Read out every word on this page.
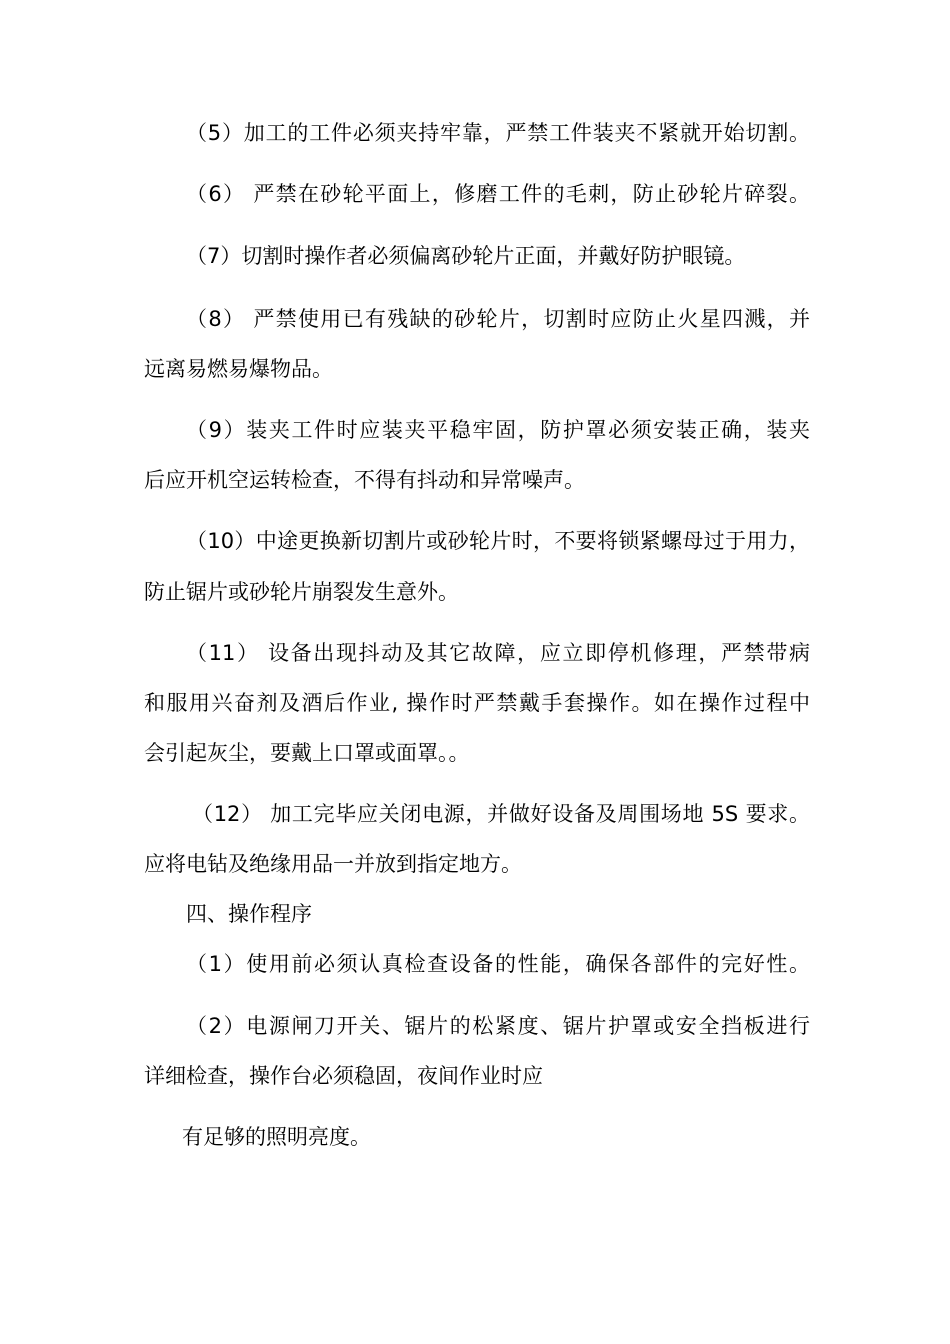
（5）加工的工件必须夹持牢靠，严禁工件装夹不紧就开始切割。
（6） 严禁在砂轮平面上，修磨工件的毛刺，防止砂轮片碎裂。
（7）切割时操作者必须偏离砂轮片正面，并戴好防护眼镜。
（8） 严禁使用已有残缺的砂轮片，切割时应防止火星四溅，并
远离易燃易爆物品。
（9）装夹工件时应装夹平稳牢固，防护罩必须安装正确，装夹
后应开机空运转检查，不得有抖动和异常噪声。
（10）中途更换新切割片或砂轮片时，不要将锁紧螺母过于用力，
防止锯片或砂轮片崩裂发生意外。
（11） 设备出现抖动及其它故障，应立即停机修理，严禁带病
和服用兴奋剂及酒后作业, 操作时严禁戴手套操作。如在操作过程中
会引起灰尘，要戴上口罩或面罩。。
（12） 加工完毕应关闭电源，并做好设备及周围场地 5S 要求。
应将电钻及绝缘用品一并放到指定地方。
四、操作程序
（1）使用前必须认真检查设备的性能，确保各部件的完好性。
（2）电源闸刀开关、锯片的松紧度、锯片护罩或安全挡板进行
详细检查，操作台必须稳固，夜间作业时应
有足够的照明亮度。
